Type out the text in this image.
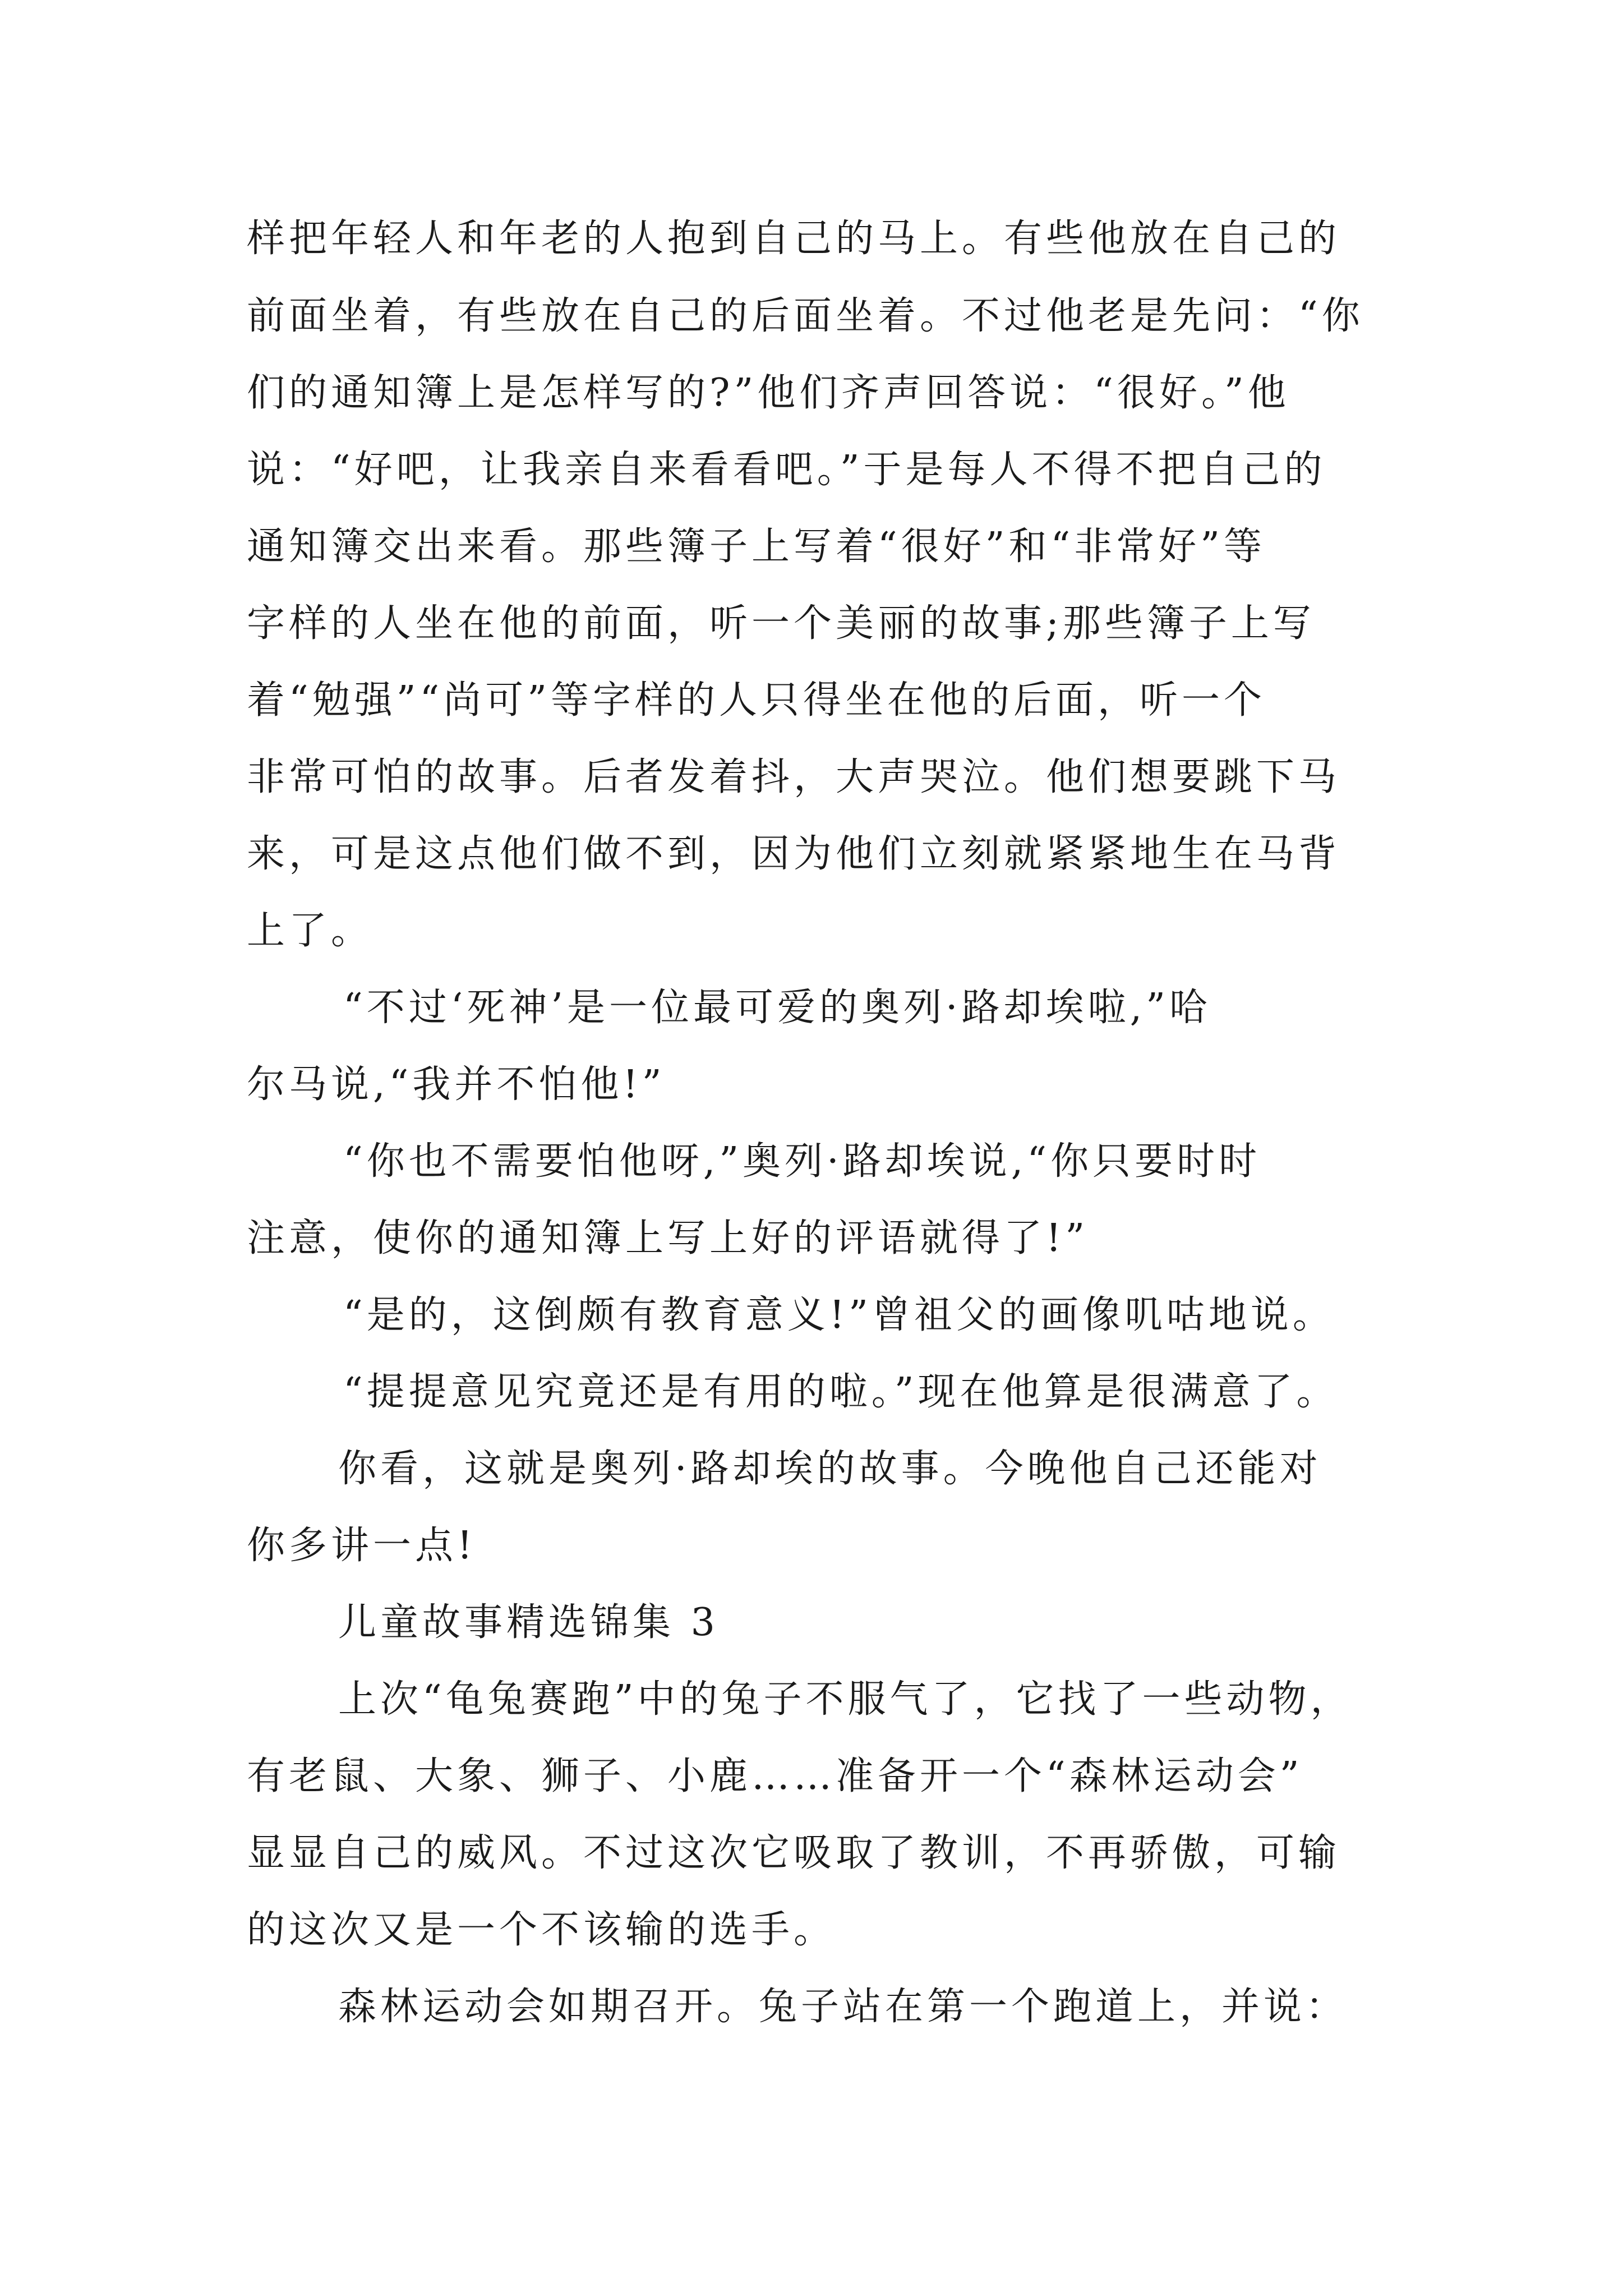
样把年轻人和年老的人抱到自己的马上。有些他放在自己的
前面坐着，有些放在自己的后面坐着。不过他老是先问：“你
们的通知簿上是怎样写的?”他们齐声回答说：“很好。”他
说：“好吧，让我亲自来看看吧。”于是每人不得不把自己的
通知簿交出来看。那些簿子上写着“很好”和“非常好”等
字样的人坐在他的前面，听一个美丽的故事;那些簿子上写
着“勉强”“尚可”等字样的人只得坐在他的后面，听一个
非常可怕的故事。后者发着抖，大声哭泣。他们想要跳下马
来，可是这点他们做不到，因为他们立刻就紧紧地生在马背
上了。
“不过‘死神’是一位最可爱的奥列·路却埃啦,”哈
尔马说,“我并不怕他!”
“你也不需要怕他呀,”奥列·路却埃说,“你只要时时
注意，使你的通知簿上写上好的评语就得了!”
“是的，这倒颇有教育意义!”曾祖父的画像叽咕地说。
“提提意见究竟还是有用的啦。”现在他算是很满意了。
你看，这就是奥列·路却埃的故事。今晚他自己还能对
你多讲一点!
儿童故事精选锦集 3
上次“龟兔赛跑”中的兔子不服气了，它找了一些动物，
有老鼠、大象、狮子、小鹿……准备开一个“森林运动会”
显显自己的威风。不过这次它吸取了教训，不再骄傲，可输
的这次又是一个不该输的选手。
森林运动会如期召开。兔子站在第一个跑道上，并说：
